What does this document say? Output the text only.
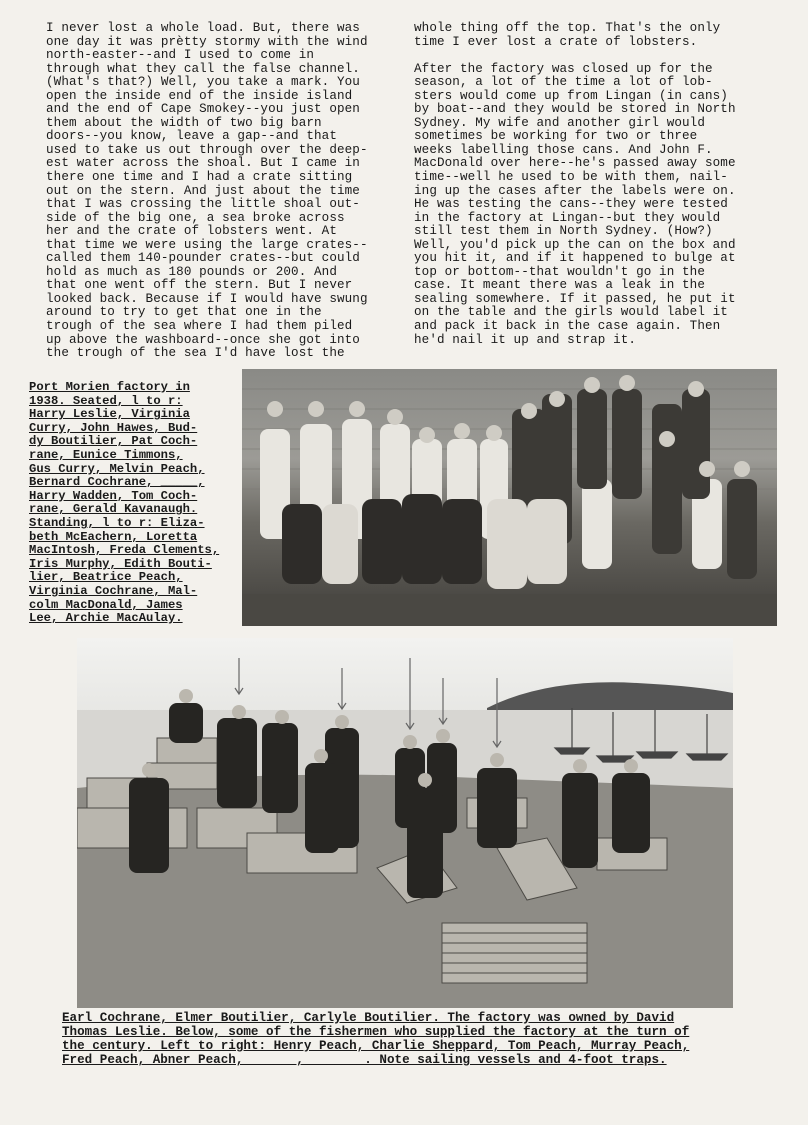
I never lost a whole load. But, there was
one day it was prètty stormy with the wind
north-easter--and I used to come in
through what they call the false channel.
(What's that?) Well, you take a mark. You
open the inside end of the inside island
and the end of Cape Smokey--you just open
them about the width of two big barn
doors--you know, leave a gap--and that
used to take us out through over the deep-
est water across the shoal. But I came in
there one time and I had a crate sitting
out on the stern. And just about the time
that I was crossing the little shoal out-
side of the big one, a sea broke across
her and the crate of lobsters went. At
that time we were using the large crates--
called them 140-pounder crates--but could
hold as much as 180 pounds or 200. And
that one went off the stern. But I never
looked back. Because if I would have swung
around to try to get that one in the
trough of the sea where I had them piled
up above the washboard--once she got into
the trough of the sea I'd have lost the
whole thing off the top. That's the only
time I ever lost a crate of lobsters.

After the factory was closed up for the
season, a lot of the time a lot of lob-
sters would come up from Lingan (in cans)
by boat--and they would be stored in North
Sydney. My wife and another girl would
sometimes be working for two or three
weeks labelling those cans. And John F.
MacDonald over here--he's passed away some
time--well he used to be with them, nail-
ing up the cases after the labels were on.
He was testing the cans--they were tested
in the factory at Lingan--but they would
still test them in North Sydney. (How?)
Well, you'd pick up the can on the box and
you hit it, and if it happened to bulge at
top or bottom--that wouldn't go in the
case. It meant there was a leak in the
sealing somewhere. If it passed, he put it
on the table and the girls would label it
and pack it back in the case again. Then
he'd nail it up and strap it.
Port Morien factory in
1938. Seated, l to r:
Harry Leslie, Virginia
Curry, John Hawes, Bud-
dy Boutilier, Pat Coch-
rane, Eunice Timmons,
Gus Curry, Melvin Peach,
Bernard Cochrane, _____,
Harry Wadden, Tom Coch-
rane, Gerald Kavanaugh.
Standing, l to r: Eliza-
beth McEachern, Loretta
MacIntosh, Freda Clements,
Iris Murphy, Edith Bouti-
lier, Beatrice Peach,
Virginia Cochrane, Mal-
colm MacDonald, James
Lee, Archie MacAulay.
Earl Cochrane, Elmer Boutilier, Carlyle Boutilier. The factory was owned by David
Thomas Leslie. Below, some of the fishermen who supplied the factory at the turn of
the century. Left to right: Henry Peach, Charlie Sheppard, Tom Peach, Murray Peach,
Fred Peach, Abner Peach, ______, _______. Note sailing vessels and 4-foot traps.
